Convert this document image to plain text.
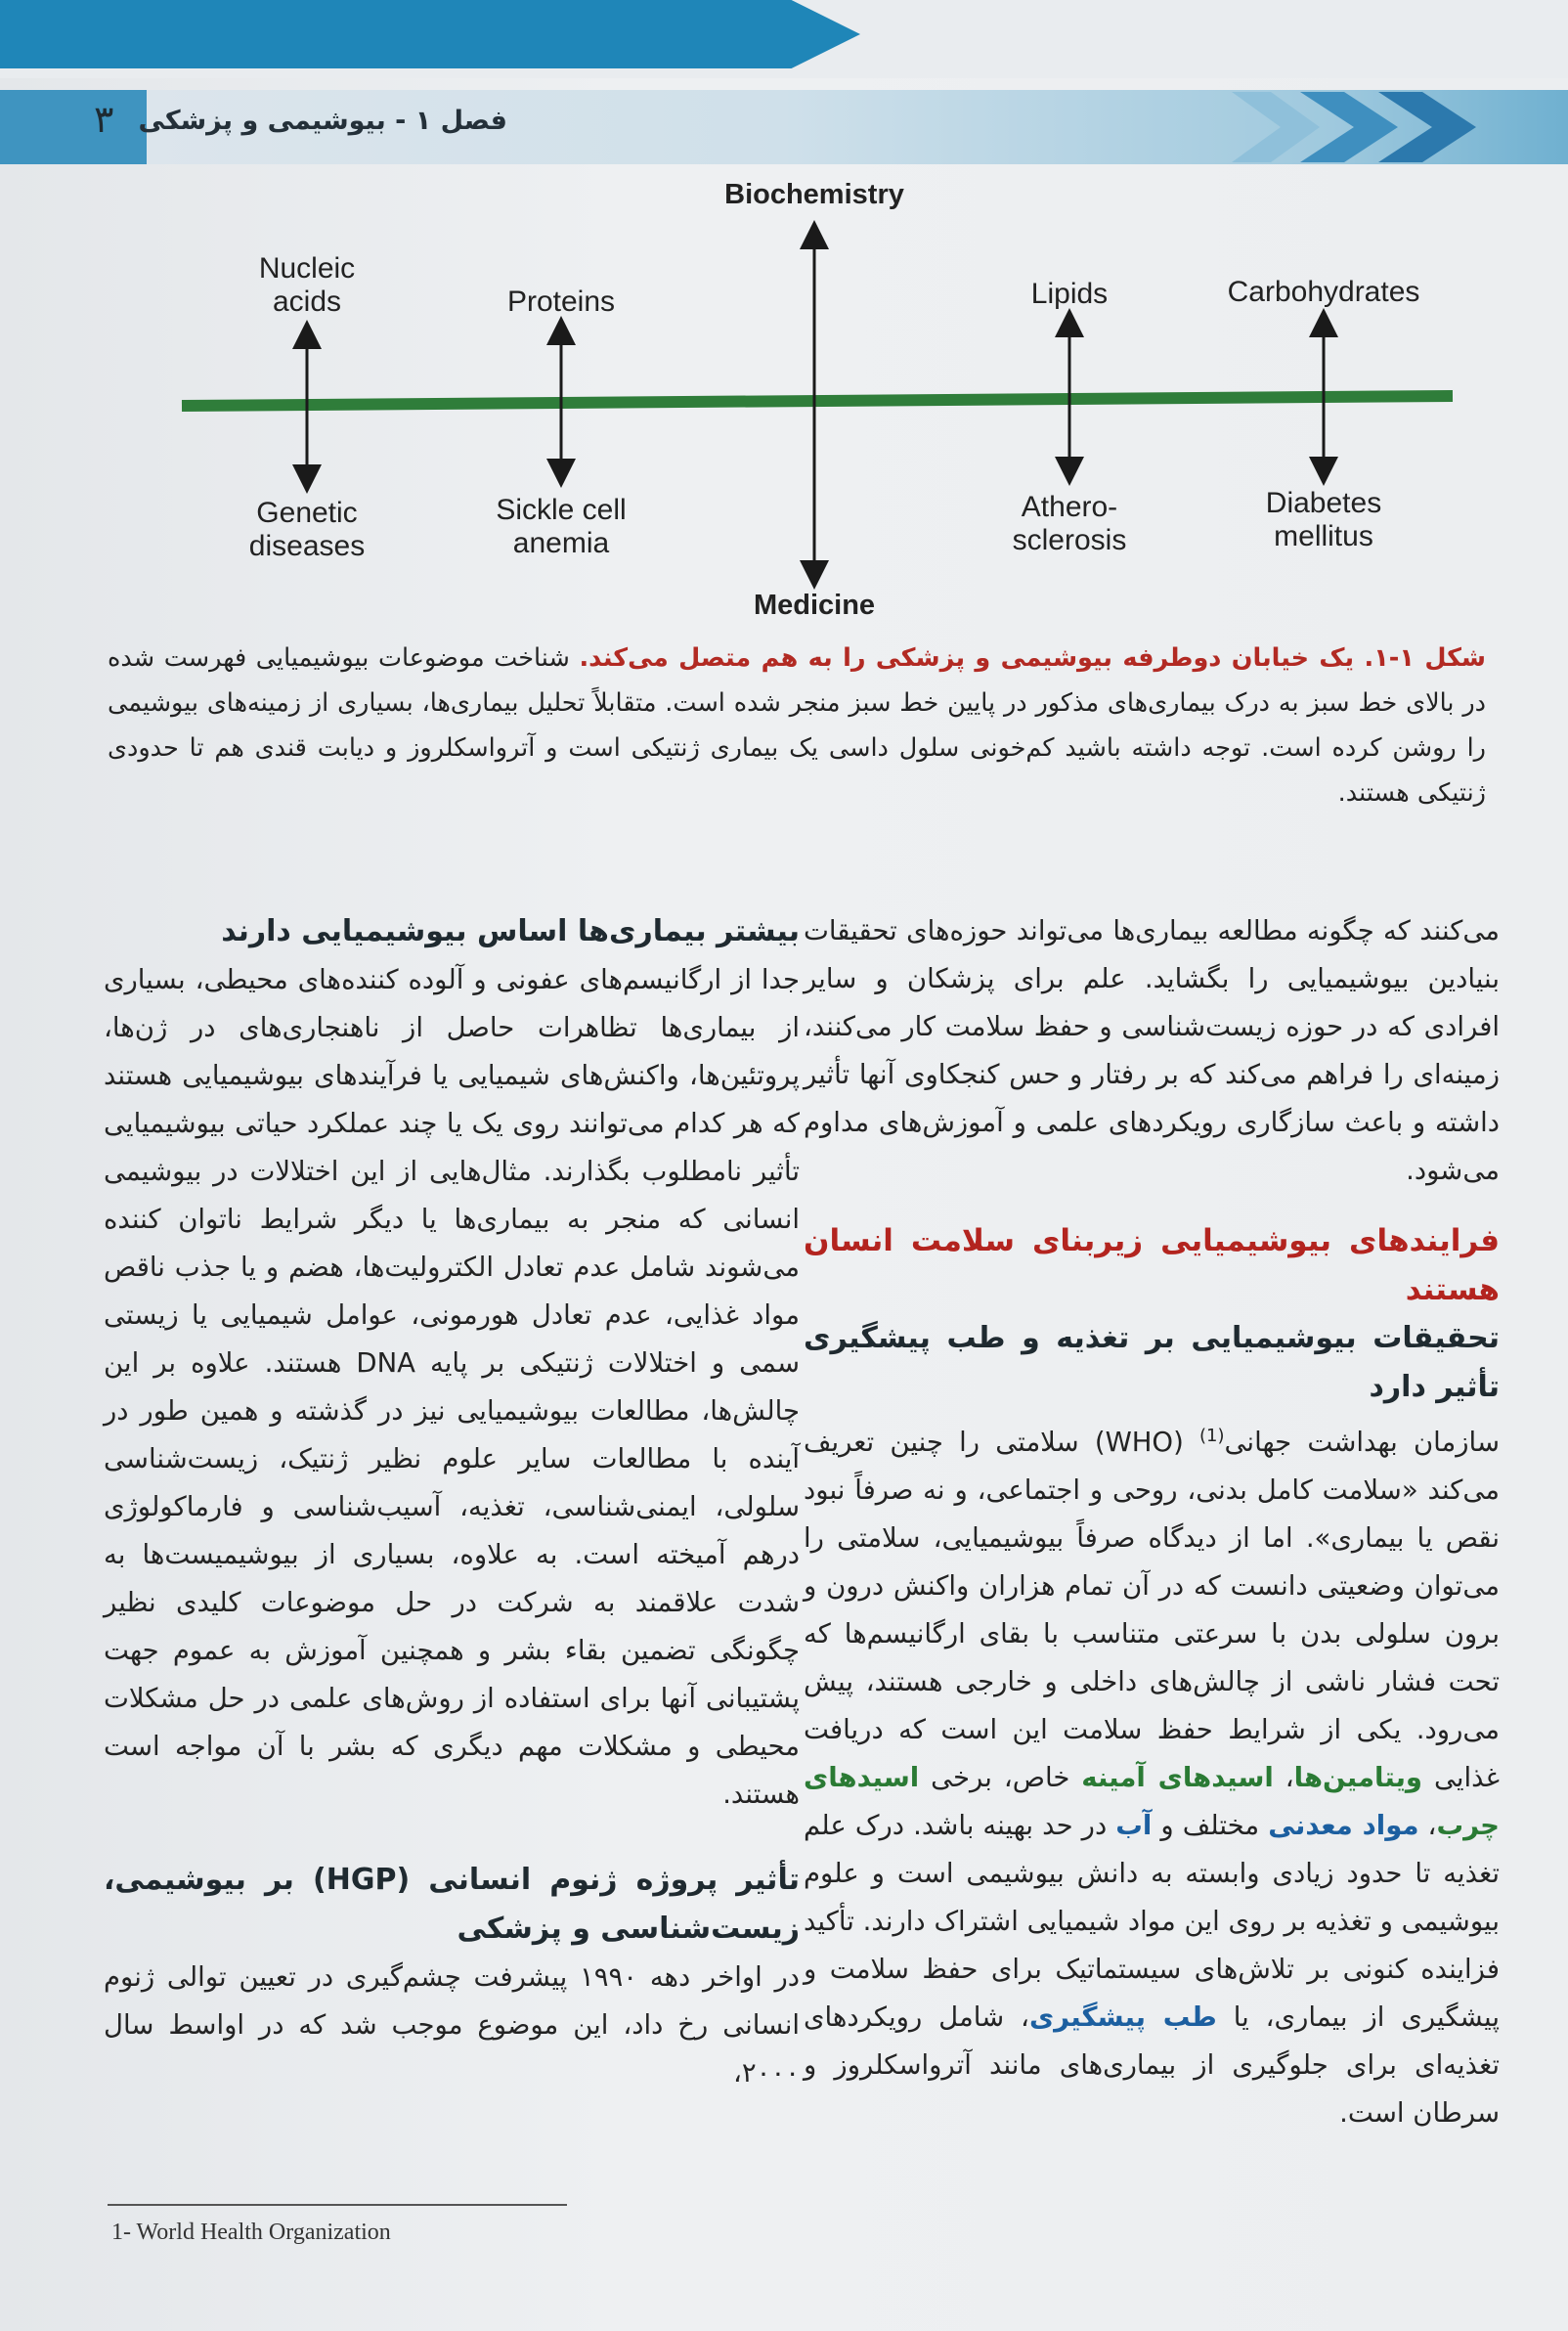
۳ فصل ۱ - بیوشیمی و پزشکی
Biochemistry
Medicine
Nucleic
acids
Genetic
diseases
Proteins
Sickle cell
anemia
Lipids
Athero-
sclerosis
Carbohydrates
Diabetes
mellitus
شکل ۱-۱. یک خیابان دوطرفه بیوشیمی و پزشکی را به هم متصل می‌کند. شناخت موضوعات بیوشیمیایی فهرست شده در بالای خط سبز به درک بیماری‌های مذکور در پایین خط سبز منجر شده است. متقابلاً تحلیل بیماری‌ها، بسیاری از زمینه‌های بیوشیمی را روشن کرده است. توجه داشته باشید کم‌خونی سلول داسی یک بیماری ژنتیکی است و آترواسکلروز و دیابت قندی هم تا حدودی ژنتیکی هستند.

می‌کنند که چگونه مطالعه بیماری‌ها می‌تواند حوزه‌های تحقیقات بنیادین بیوشیمیایی را بگشاید. علم برای پزشکان و سایر افرادی که در حوزه زیست‌شناسی و حفظ سلامت کار می‌کنند، زمینه‌ای را فراهم می‌کند که بر رفتار و حس کنجکاوی آنها تأثیر داشته و باعث سازگاری رویکردهای علمی و آموزش‌های مداوم می‌شود.

فرایندهای بیوشیمیایی زیربنای سلامت انسان هستند

تحقیقات بیوشیمیایی بر تغذیه و طب پیشگیری تأثیر دارد

سازمان بهداشت جهانی$^{(1)}$ (WHO) سلامتی را چنین تعریف می‌کند «سلامت کامل بدنی، روحی و اجتماعی، و نه صرفاً نبود نقص یا بیماری». اما از دیدگاه صرفاً بیوشیمیایی، سلامتی را می‌توان وضعیتی دانست که در آن تمام هزاران واکنش درون و برون سلولی بدن با سرعتی متناسب با بقای ارگانیسم‌ها که تحت فشار ناشی از چالش‌های داخلی و خارجی هستند، پیش می‌رود. یکی از شرایط حفظ سلامت این است که دریافت غذایی ویتامین‌ها، اسیدهای آمینه خاص، برخی اسیدهای چرب، مواد معدنی مختلف و آب در حد بهینه باشد. درک علم تغذیه تا حدود زیادی وابسته به دانش بیوشیمی است و علوم بیوشیمی و تغذیه بر روی این مواد شیمیایی اشتراک دارند. تأکید فزاینده کنونی بر تلاش‌های سیستماتیک برای حفظ سلامت و پیشگیری از بیماری، یا طب پیشگیری، شامل رویکردهای تغذیه‌ای برای جلوگیری از بیماری‌های مانند آترواسکلروز و سرطان است.

بیشتر بیماری‌ها اساس بیوشیمیایی دارند

جدا از ارگانیسم‌های عفونی و آلوده کننده‌های محیطی، بسیاری از بیماری‌ها تظاهرات حاصل از ناهنجاری‌های در ژن‌ها، پروتئین‌ها، واکنش‌های شیمیایی یا فرآیندهای بیوشیمیایی هستند که هر کدام می‌توانند روی یک یا چند عملکرد حیاتی بیوشیمیایی تأثیر نامطلوب بگذارند. مثال‌هایی از این اختلالات در بیوشیمی انسانی که منجر به بیماری‌ها یا دیگر شرایط ناتوان کننده می‌شوند شامل عدم تعادل الکترولیت‌ها، هضم و یا جذب ناقص مواد غذایی، عدم تعادل هورمونی، عوامل شیمیایی یا زیستی سمی و اختلالات ژنتیکی بر پایه DNA هستند. علاوه بر این چالش‌ها، مطالعات بیوشیمیایی نیز در گذشته و همین طور در آینده با مطالعات سایر علوم نظیر ژنتیک، زیست‌شناسی سلولی، ایمنی‌شناسی، تغذیه، آسیب‌شناسی و فارماکولوژی درهم آمیخته است. به علاوه، بسیاری از بیوشیمیست‌ها به شدت علاقمند به شرکت در حل موضوعات کلیدی نظیر چگونگی تضمین بقاء بشر و همچنین آموزش به عموم جهت پشتیبانی آنها برای استفاده از روش‌های علمی در حل مشکلات محیطی و مشکلات مهم دیگری که بشر با آن مواجه است هستند.

تأثیر پروژه ژنوم انسانی (HGP) بر بیوشیمی، زیست‌شناسی و پزشکی

در اواخر دهه ۱۹۹۰ پیشرفت چشم‌گیری در تعیین توالی ژنوم انسانی رخ داد، این موضوع موجب شد که در اواسط سال ۲۰۰۰،

1- World Health Organization
